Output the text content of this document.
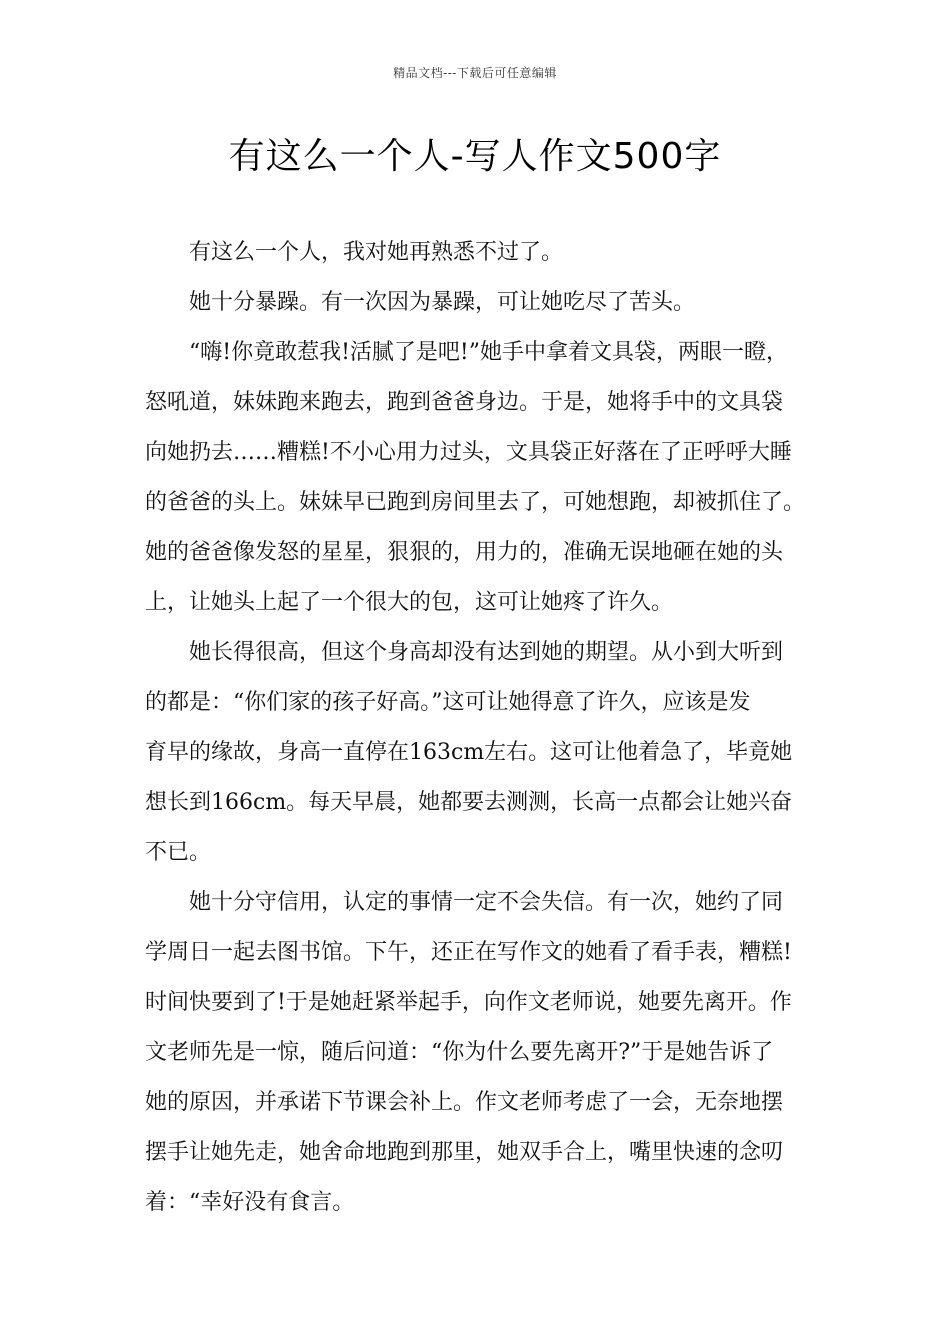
精品文档---下载后可任意编辑
有这么一个人-写人作文500字
　　有这么一个人，我对她再熟悉不过了。
　　她十分暴躁。有一次因为暴躁，可让她吃尽了苦头。
　　“嗨!你竟敢惹我!活腻了是吧!”她手中拿着文具袋，两眼一瞪，
怒吼道，妹妹跑来跑去，跑到爸爸身边。于是，她将手中的文具袋
向她扔去……糟糕!不小心用力过头，文具袋正好落在了正呼呼大睡
的爸爸的头上。妹妹早已跑到房间里去了，可她想跑，却被抓住了。
她的爸爸像发怒的星星，狠狠的，用力的，准确无误地砸在她的头
上，让她头上起了一个很大的包，这可让她疼了许久。
　　她长得很高，但这个身高却没有达到她的期望。从小到大听到
的都是：“你们家的孩子好高。”这可让她得意了许久，应该是发
育早的缘故，身高一直停在163cm左右。这可让他着急了，毕竟她
想长到166cm。每天早晨，她都要去测测，长高一点都会让她兴奋
不已。
　　她十分守信用，认定的事情一定不会失信。有一次，她约了同
学周日一起去图书馆。下午，还正在写作文的她看了看手表，糟糕!
时间快要到了!于是她赶紧举起手，向作文老师说，她要先离开。作
文老师先是一惊，随后问道：“你为什么要先离开?”于是她告诉了
她的原因，并承诺下节课会补上。作文老师考虑了一会，无奈地摆
摆手让她先走，她舍命地跑到那里，她双手合上，嘴里快速的念叨
着：“幸好没有食言。
